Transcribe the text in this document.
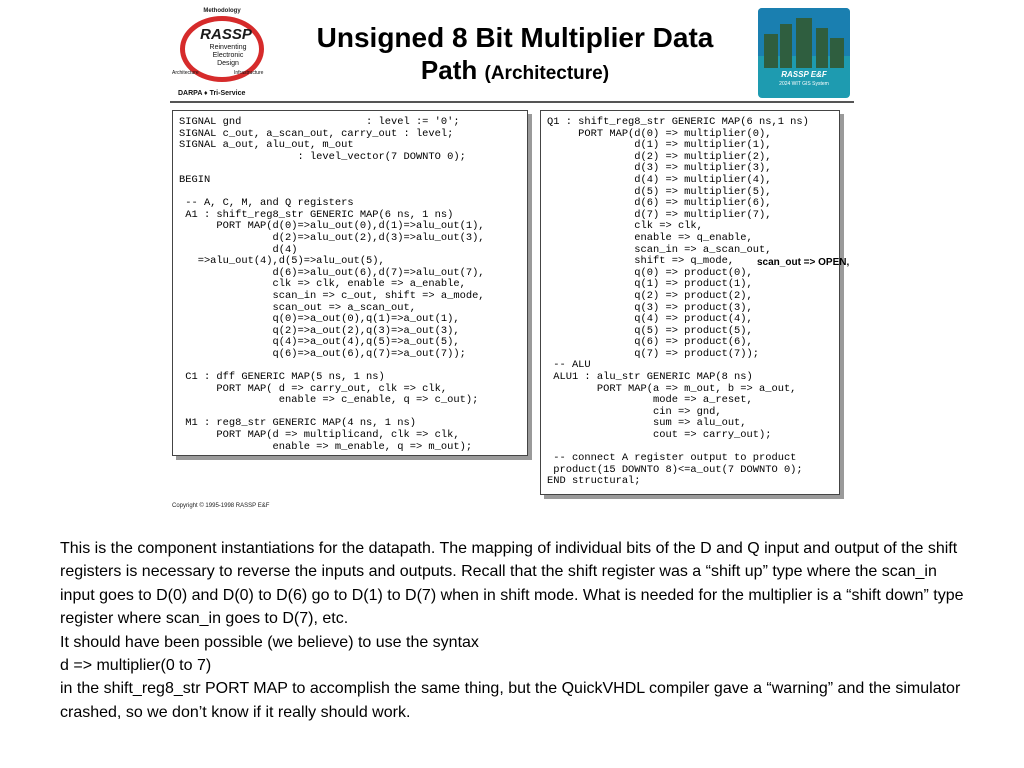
Methodology
RASSP
Reinventing
Electronic
Design
Architecture	Infrastructure
DARPA ♦ Tri-Service
Unsigned 8 Bit Multiplier Data
Path (Architecture)	RASSP E&F
2024 WIT GIS System
SIGNAL gnd                    : level := '0';
SIGNAL c_out, a_scan_out, carry_out : level;
SIGNAL a_out, alu_out, m_out
: level_vector(7 DOWNTO 0);

BEGIN

-- A, C, M, and Q registers
A1 : shift_reg8_str GENERIC MAP(6 ns, 1 ns)
PORT MAP(d(0)=>alu_out(0),d(1)=>alu_out(1),
d(2)=>alu_out(2),d(3)=>alu_out(3),
d(4)
=>alu_out(4),d(5)=>alu_out(5),
d(6)=>alu_out(6),d(7)=>alu_out(7),
clk => clk, enable => a_enable,
scan_in => c_out, shift => a_mode,
scan_out => a_scan_out,
q(0)=>a_out(0),q(1)=>a_out(1),
q(2)=>a_out(2),q(3)=>a_out(3),
q(4)=>a_out(4),q(5)=>a_out(5),
q(6)=>a_out(6),q(7)=>a_out(7));

C1 : dff GENERIC MAP(5 ns, 1 ns)
PORT MAP( d => carry_out, clk => clk,
enable => c_enable, q => c_out);

M1 : reg8_str GENERIC MAP(4 ns, 1 ns)
PORT MAP(d => multiplicand, clk => clk,
enable => m_enable, q => m_out);
Q1 : shift_reg8_str GENERIC MAP(6 ns,1 ns)
PORT MAP(d(0) => multiplier(0),
d(1) => multiplier(1),
d(2) => multiplier(2),
d(3) => multiplier(3),
d(4) => multiplier(4),
d(5) => multiplier(5),
d(6) => multiplier(6),
d(7) => multiplier(7),
clk => clk,
enable => q_enable,
scan_in => a_scan_out,
shift => q_mode,
q(0) => product(0),
q(1) => product(1),
q(2) => product(2),
q(3) => product(3),
q(4) => product(4),
q(5) => product(5),
q(6) => product(6),
q(7) => product(7));
-- ALU
ALU1 : alu_str GENERIC MAP(8 ns)
PORT MAP(a => m_out, b => a_out,
mode => a_reset,
cin => gnd,
sum => alu_out,
cout => carry_out);

-- connect A register output to product
product(15 DOWNTO 8)<=a_out(7 DOWNTO 0);
END structural;
scan_out => OPEN,
Copyright © 1995-1998 RASSP E&F

This is the component instantiations for the datapath. The mapping of individual bits of the D and Q input and output of the shift registers is necessary to reverse the inputs and outputs. Recall that the shift register was a “shift up” type where the scan_in input goes to D(0) and D(0) to D(6) go to D(1) to D(7) when in shift mode. What is needed for the multiplier is a “shift down” type register where scan_in goes to D(7), etc.

It should have been possible (we believe) to use the syntax

d => multiplier(0 to 7)

in the shift_reg8_str PORT MAP to accomplish the same thing, but the QuickVHDL compiler gave a “warning” and the simulator crashed, so we don’t know if it really should work.
